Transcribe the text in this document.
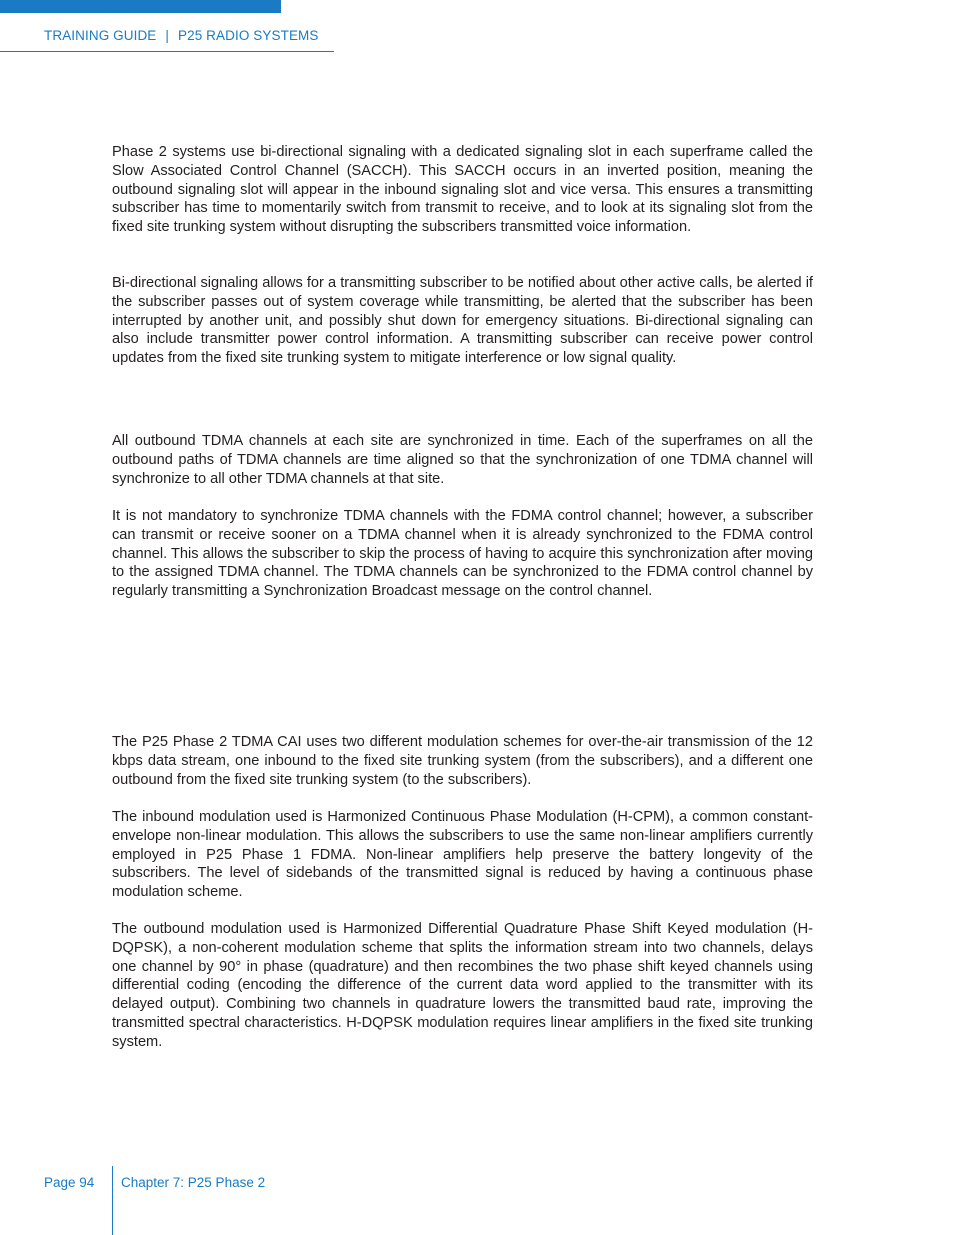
TRAINING GUIDE | P25 RADIO SYSTEMS

Phase 2 systems use bi-directional signaling with a dedicated signaling slot in each superframe called the Slow Associated Control Channel (SACCH). This SACCH occurs in an inverted position, meaning the outbound signaling slot will appear in the inbound signaling slot and vice versa. This ensures a transmitting subscriber has time to momentarily switch from transmit to receive, and to look at its signaling slot from the fixed site trunking system without disrupting the subscribers transmitted voice information.

Bi-directional signaling allows for a transmitting subscriber to be notified about other active calls, be alerted if the subscriber passes out of system coverage while transmitting, be alerted that the subscriber has been interrupted by another unit, and possibly shut down for emergency situations. Bi-directional signaling can also include transmitter power control information. A transmitting subscriber can receive power control updates from the fixed site trunking system to mitigate interference or low signal quality.

All outbound TDMA channels at each site are synchronized in time. Each of the superframes on all the outbound paths of TDMA channels are time aligned so that the synchronization of one TDMA channel will synchronize to all other TDMA channels at that site.

It is not mandatory to synchronize TDMA channels with the FDMA control channel; however, a subscriber can transmit or receive sooner on a TDMA channel when it is already synchronized to the FDMA control channel. This allows the subscriber to skip the process of having to acquire this synchronization after moving to the assigned TDMA channel. The TDMA channels can be synchronized to the FDMA control channel by regularly transmitting a Synchronization Broadcast message on the control channel.

The P25 Phase 2 TDMA CAI uses two different modulation schemes for over-the-air transmission of the 12 kbps data stream, one inbound to the fixed site trunking system (from the subscribers), and a different one outbound from the fixed site trunking system (to the subscribers).

The inbound modulation used is Harmonized Continuous Phase Modulation (H-CPM), a common constant-envelope non-linear modulation. This allows the subscribers to use the same non-linear amplifiers currently employed in P25 Phase 1 FDMA. Non-linear amplifiers help preserve the battery longevity of the subscribers. The level of sidebands of the transmitted signal is reduced by having a continuous phase modulation scheme.

The outbound modulation used is Harmonized Differential Quadrature Phase Shift Keyed modulation (H-DQPSK), a non-coherent modulation scheme that splits the information stream into two channels, delays one channel by 90° in phase (quadrature) and then recombines the two phase shift keyed channels using differential coding (encoding the difference of the current data word applied to the transmitter with its delayed output). Combining two channels in quadrature lowers the transmitted baud rate, improving the transmitted spectral characteristics. H-DQPSK modulation requires linear amplifiers in the fixed site trunking system.

Page 94 Chapter 7: P25 Phase 2
